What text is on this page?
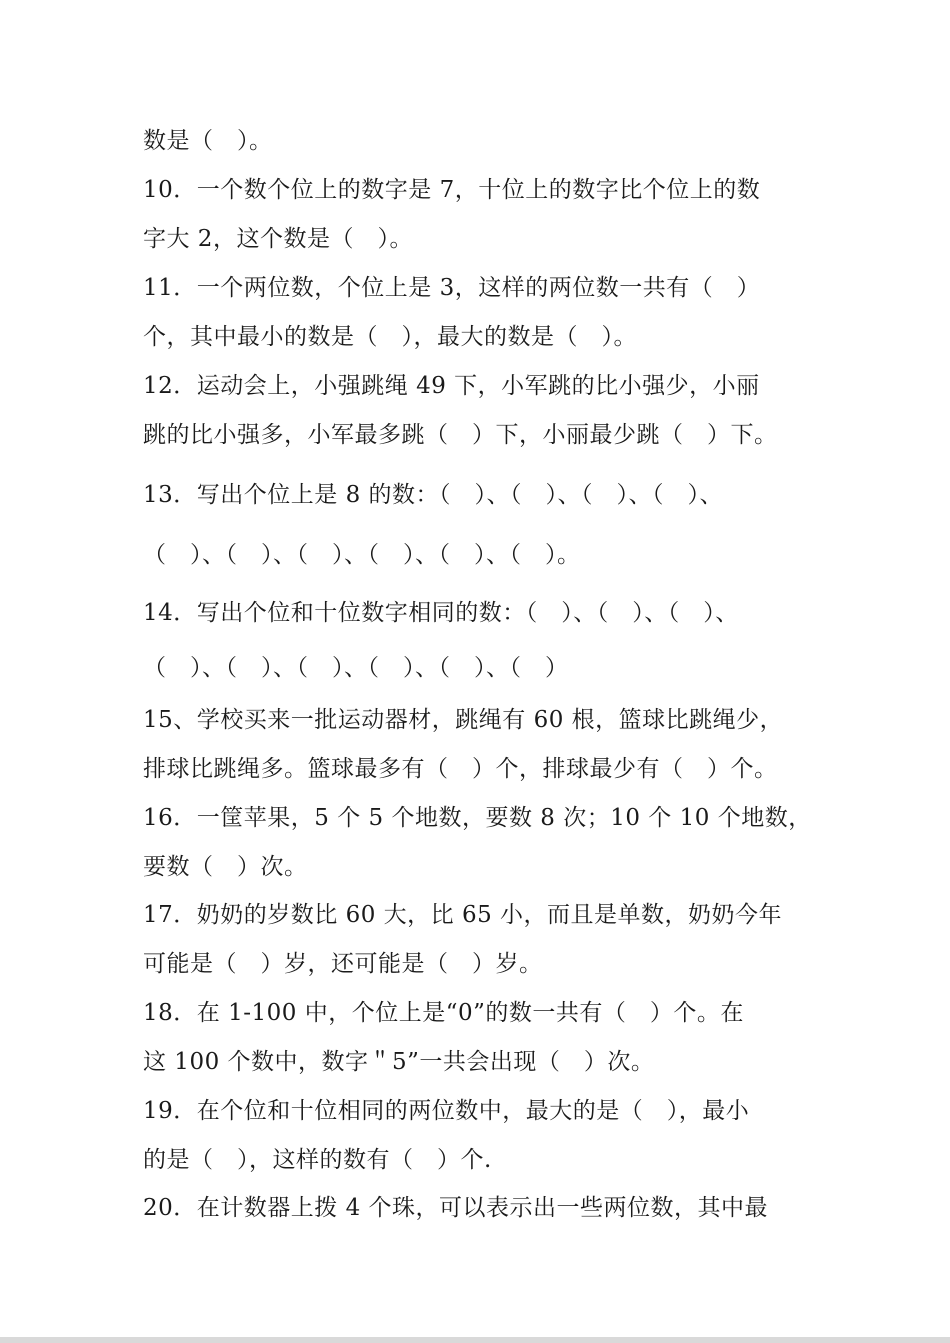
数是（　）。
10．一个数个位上的数字是 7，十位上的数字比个位上的数
字大 2，这个数是（　）。
11．一个两位数，个位上是 3，这样的两位数一共有（　）
个，其中最小的数是（　），最大的数是（　）。
12．运动会上，小强跳绳 49 下，小军跳的比小强少，小丽
跳的比小强多，小军最多跳（　）下，小丽最少跳（　）下。
13．写出个位上是 8 的数：（　）、（　）、（　）、（　）、
（　）、（　）、（　）、（　）、（　）、（　）。
14．写出个位和十位数字相同的数：（　）、（　）、（　）、
（　）、（　）、（　）、（　）、（　）、（　）
15、学校买来一批运动器材，跳绳有 60 根，篮球比跳绳少，
排球比跳绳多。篮球最多有（　）个，排球最少有（　）个。
16．一筐苹果，5 个 5 个地数，要数 8 次；10 个 10 个地数，
要数（　）次。
17．奶奶的岁数比 60 大，比 65 小，而且是单数，奶奶今年
可能是（　）岁，还可能是（　）岁。
18．在 1-100 中，个位上是“0”的数一共有（　）个。在
这 100 个数中，数字＂5”一共会出现（　）次。
19．在个位和十位相同的两位数中，最大的是（　），最小
的是（　），这样的数有（　）个.
20．在计数器上拨 4 个珠，可以表示出一些两位数，其中最
